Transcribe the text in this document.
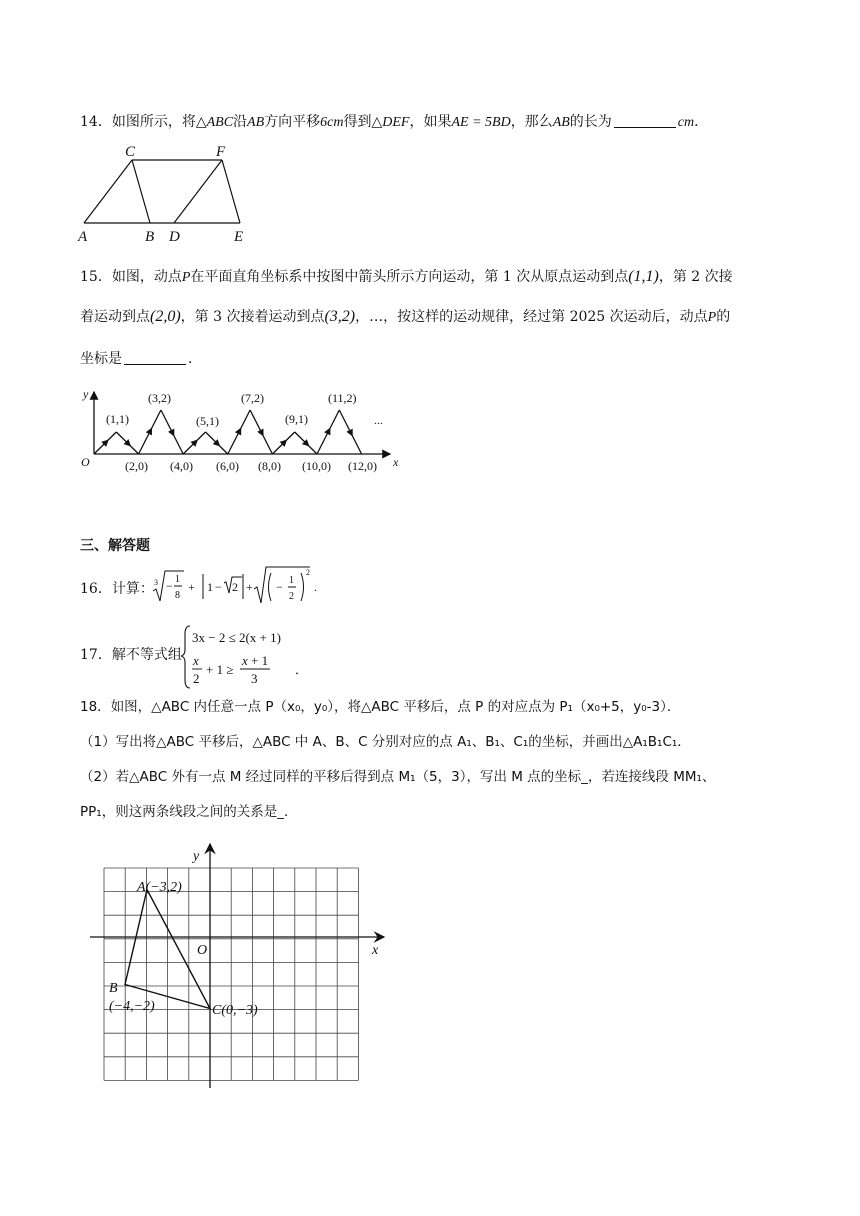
14．如图所示，将△ABC沿AB方向平移6cm得到△DEF，如果AE = 5BD，那么AB的长为	cm．
A	B
C
D	E
F
15．如图，动点P在平面直角坐标系中按图中箭头所示方向运动，第 1 次从原点运动到点(1,1)，第 2 次接
着运动到点(2,0)，第 3 次接着运动到点(3,2)，…，按这样的运动规律，经过第 2025 次运动后，动点P的
坐标是	．
y
x
O
...
(1,1)
(3,2)
(5,1)
(7,2)
(9,1)
(11,2)
(2,0) (4,0) (6,0) (8,0) (10,0) (12,0)
三、解答题
16．计算： 3 − 1
8
+ 1 − 2 + − 1
2
2
.
17．解不等式组
3x − 2 ≤ 2(x + 1)
x
2
+ 1 ≥
x + 1
3
．
18．如图，△ABC 内任意一点 P（x₀，y₀），将△ABC 平移后，点 P 的对应点为 P₁（x₀+5，y₀-3）．
（1）写出将△ABC 平移后，△ABC 中 A、B、C 分别对应的点 A₁、B₁、C₁的坐标，并画出△A₁B₁C₁．
（2）若△ABC 外有一点 M 经过同样的平移后得到点 M₁（5，3），写出 M 点的坐标_，若连接线段 MM₁、
PP₁，则这两条线段之间的关系是_．
y
x
O
A(−3,2)
B
(−4,−2)	C(0,−3)
